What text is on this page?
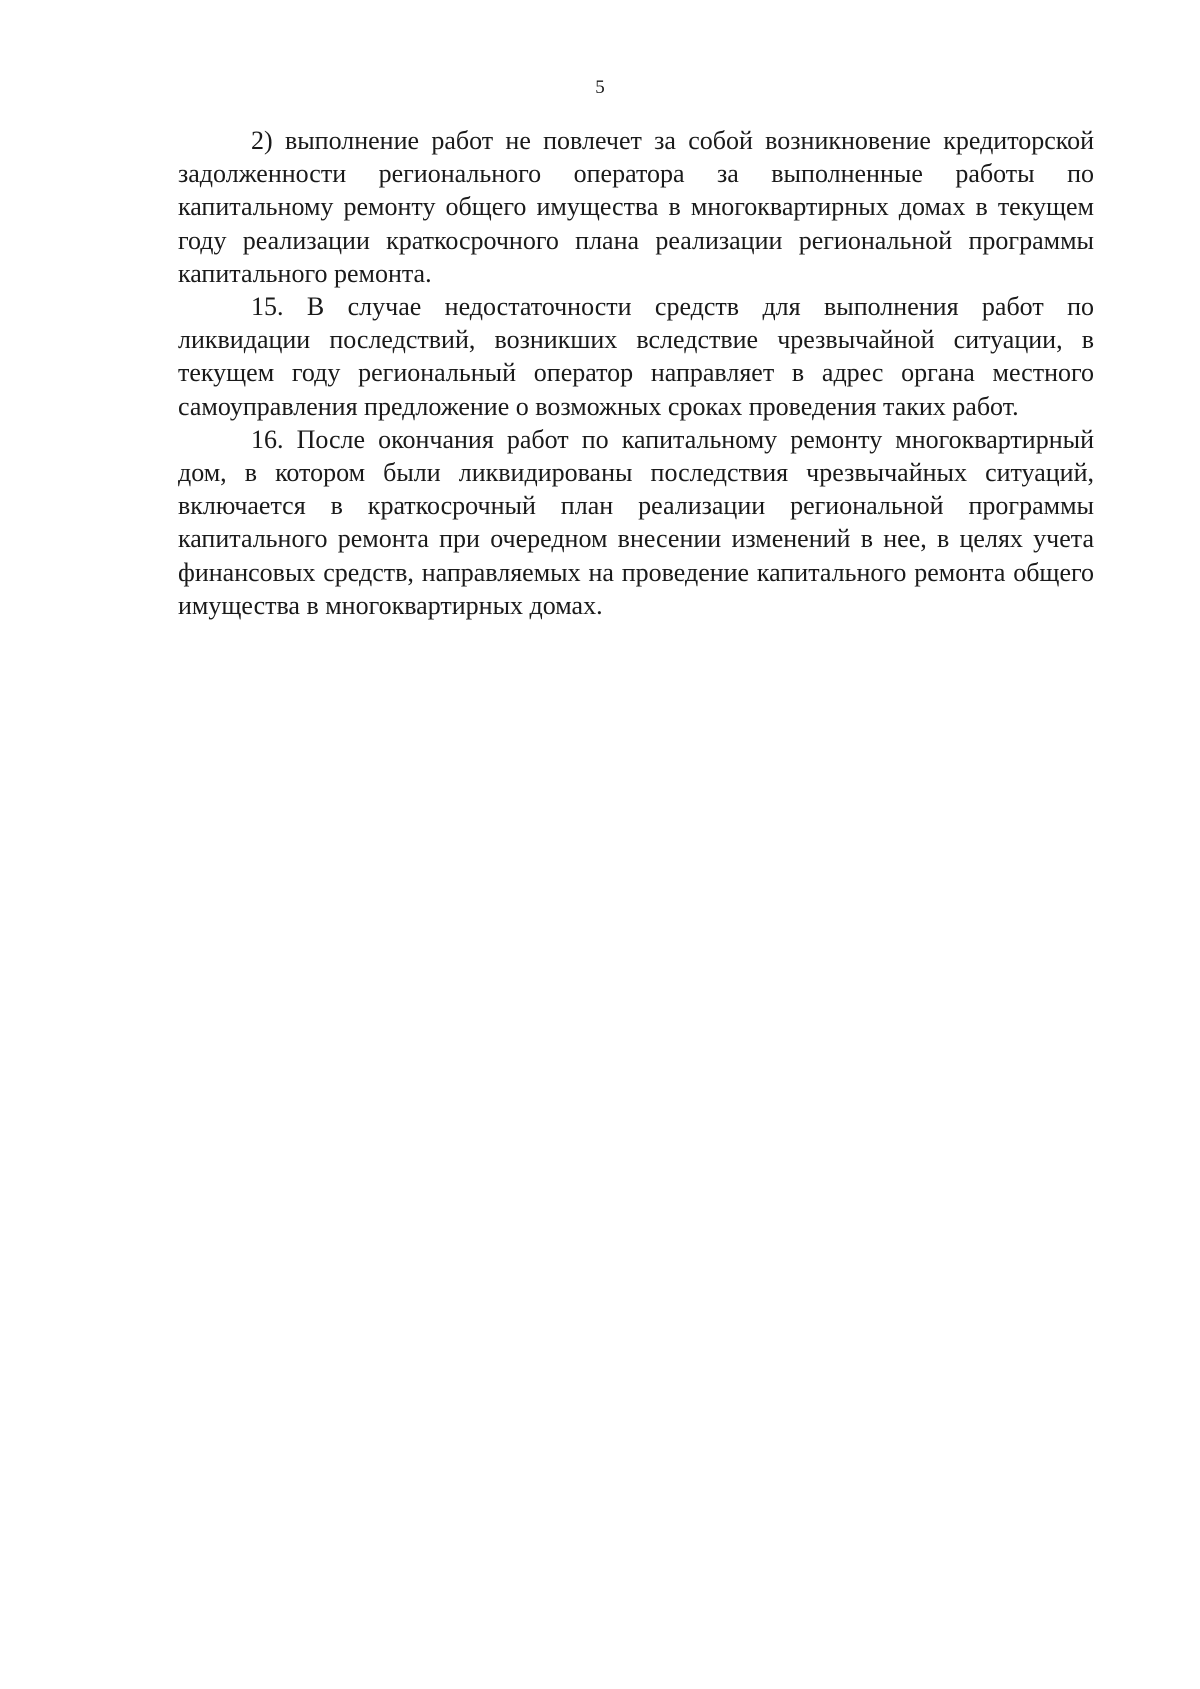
5

2) выполнение работ не повлечет за собой возникновение кредиторской задолженности регионального оператора за выполненные работы по капитальному ремонту общего имущества в многоквартирных домах в текущем году реализации краткосрочного плана реализации региональной программы капитального ремонта.

15. В случае недостаточности средств для выполнения работ по ликвидации последствий, возникших вследствие чрезвычайной ситуации, в текущем году региональный оператор направляет в адрес органа местного самоуправления предложение о возможных сроках проведения таких работ.

16. После окончания работ по капитальному ремонту многоквартирный дом, в котором были ликвидированы последствия чрезвычайных ситуаций, включается в краткосрочный план реализации региональной программы капитального ремонта при очередном внесении изменений в нее, в целях учета финансовых средств, направляемых на проведение капитального ремонта общего имущества в многоквартирных домах.
